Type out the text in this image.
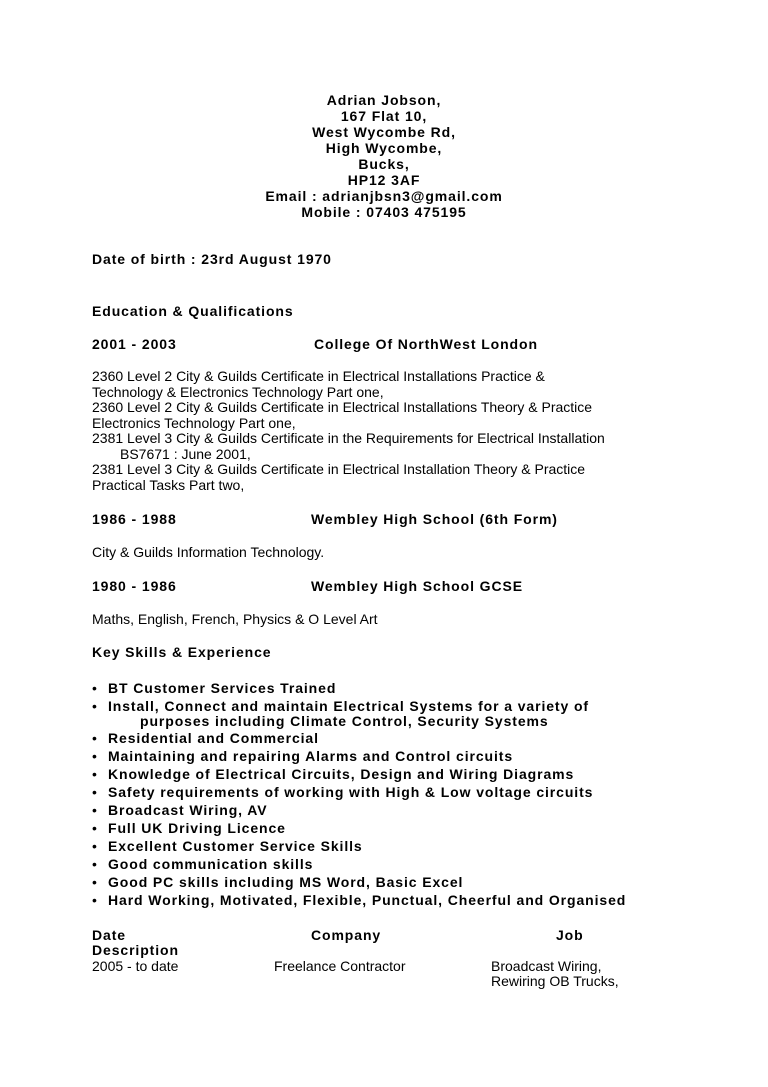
Adrian Jobson,
167 Flat 10,
West Wycombe Rd,
High Wycombe,
Bucks,
HP12 3AF
Email : adrianjbsn3@gmail.com
Mobile : 07403 475195
Date of birth : 23rd August 1970
Education & Qualifications
2001 - 2003	College Of NorthWest London
2360 Level 2 City & Guilds Certificate in Electrical Installations Practice &
Technology & Electronics Technology Part one,
2360 Level 2 City & Guilds Certificate in Electrical Installations Theory & Practice
Electronics Technology Part one,
2381 Level 3 City & Guilds Certificate in the Requirements for Electrical Installation
BS7671 : June 2001,
2381 Level 3 City & Guilds Certificate in Electrical Installation Theory & Practice
Practical Tasks Part two,
1986 - 1988	Wembley High School (6th Form)
City & Guilds Information Technology.
1980 - 1986	Wembley High School GCSE
Maths, English, French, Physics & O Level Art
Key Skills & Experience
• BT Customer Services Trained
• Install, Connect and maintain Electrical Systems for a variety of
purposes including Climate Control, Security Systems
• Residential and Commercial
• Maintaining and repairing Alarms and Control circuits
• Knowledge of Electrical Circuits, Design and Wiring Diagrams
• Safety requirements of working with High & Low voltage circuits
• Broadcast Wiring, AV
• Full UK Driving Licence
• Excellent Customer Service Skills
• Good communication skills
• Good PC skills including MS Word, Basic Excel
• Hard Working, Motivated, Flexible, Punctual, Cheerful and Organised
Date	Company	Job
Description
2005 - to date	Freelance Contractor	Broadcast Wiring,
Rewiring OB Trucks,
